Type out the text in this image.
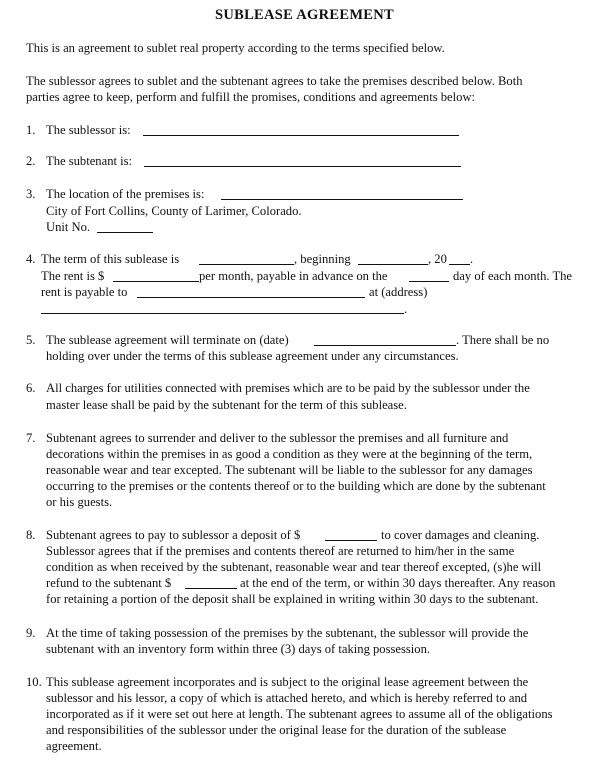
SUBLEASE AGREEMENT
This is an agreement to sublet real property according to the terms specified below.
The sublessor agrees to sublet and the subtenant agrees to take the premises described below. Both
parties agree to keep, perform and fulfill the promises, conditions and agreements below:
1. The sublessor is:
2. The subtenant is:
3. The location of the premises is:
City of Fort Collins, County of Larimer, Colorado.
Unit No.
4. The term of this sublease is	, beginning	, 20 .
The rent is $	per month, payable in advance on the	day of each month. The
rent is payable to	at (address)
.
5. The sublease agreement will terminate on (date)	. There shall be no
holding over under the terms of this sublease agreement under any circumstances.
6. All charges for utilities connected with premises which are to be paid by the sublessor under the
master lease shall be paid by the subtenant for the term of this sublease.
7. Subtenant agrees to surrender and deliver to the sublessor the premises and all furniture and
decorations within the premises in as good a condition as they were at the beginning of the term,
reasonable wear and tear excepted. The subtenant will be liable to the sublessor for any damages
occurring to the premises or the contents thereof or to the building which are done by the subtenant
or his guests.
8. Subtenant agrees to pay to sublessor a deposit of $	to cover damages and cleaning.
Sublessor agrees that if the premises and contents thereof are returned to him/her in the same
condition as when received by the subtenant, reasonable wear and tear thereof excepted, (s)he will
refund to the subtenant $	at the end of the term, or within 30 days thereafter. Any reason
for retaining a portion of the deposit shall be explained in writing within 30 days to the subtenant.
9. At the time of taking possession of the premises by the subtenant, the sublessor will provide the
subtenant with an inventory form within three (3) days of taking possession.
10. This sublease agreement incorporates and is subject to the original lease agreement between the
sublessor and his lessor, a copy of which is attached hereto, and which is hereby referred to and
incorporated as if it were set out here at length. The subtenant agrees to assume all of the obligations
and responsibilities of the sublessor under the original lease for the duration of the sublease
agreement.
